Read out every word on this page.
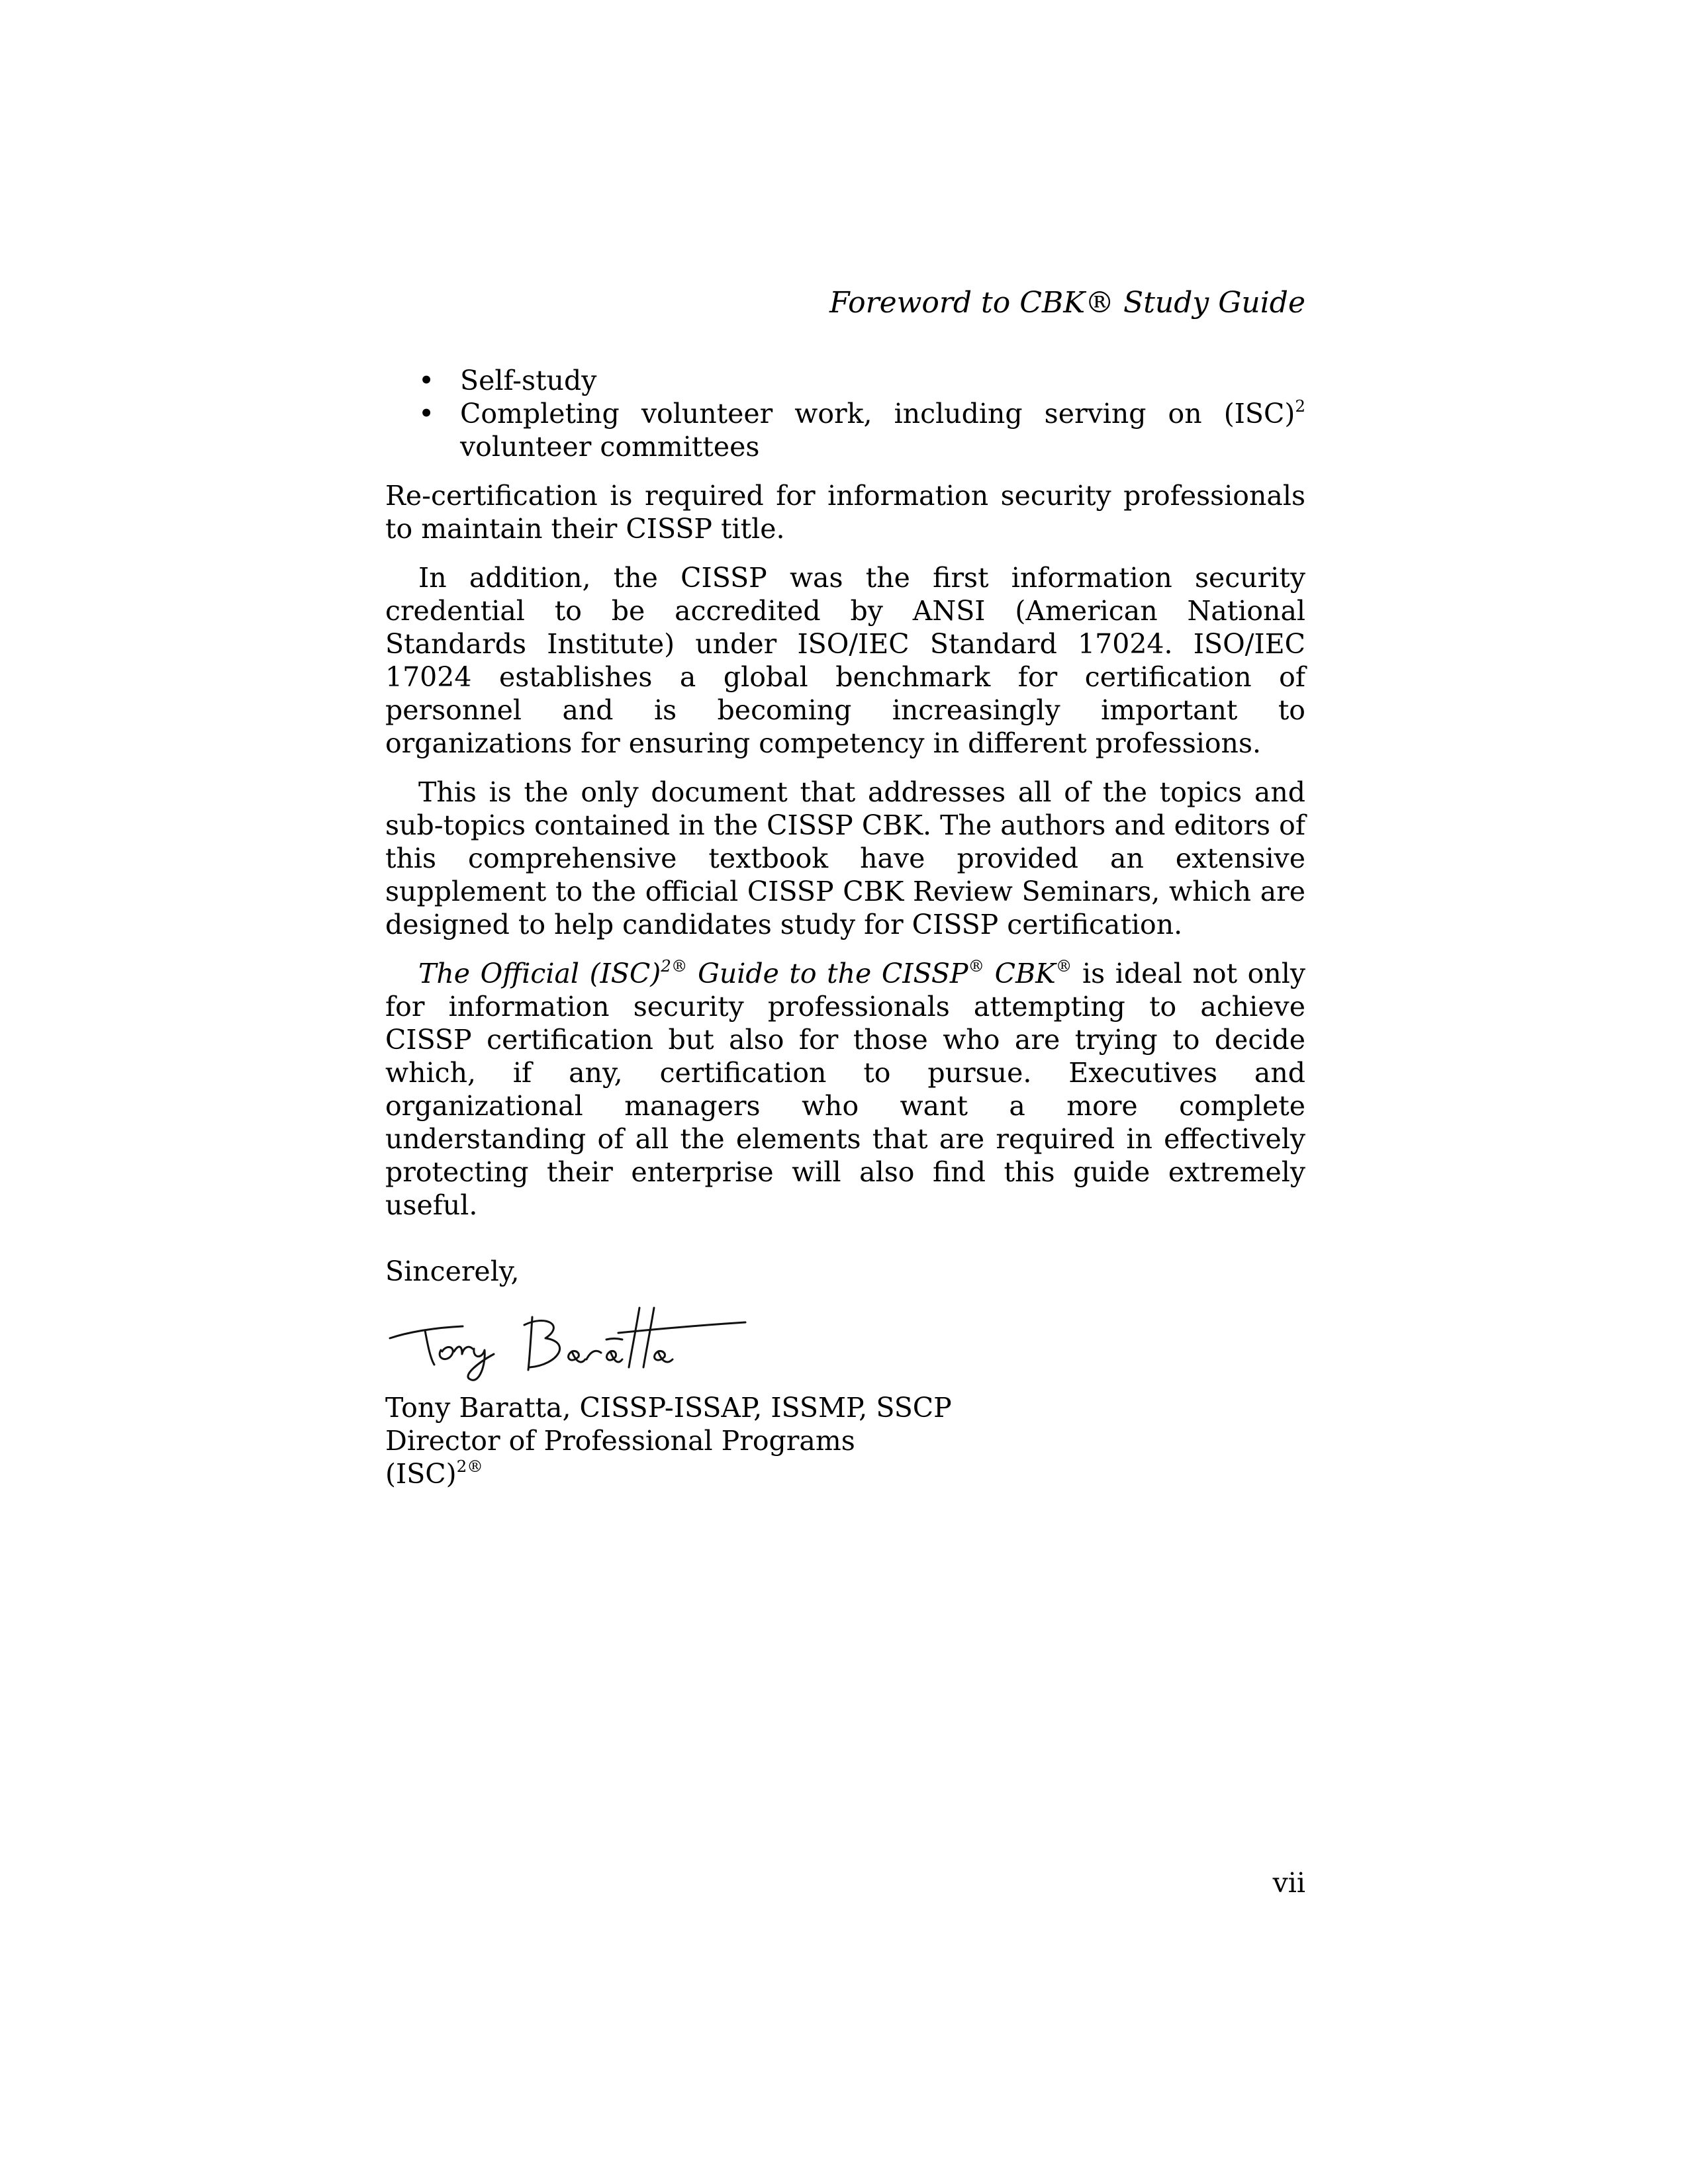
Foreword to CBK® Study Guide
• Self-study
• Completing volunteer work, including serving on (ISC)$^2$ volunteer committees

Re-certification is required for information security professionals to maintain their CISSP title.

In addition, the CISSP was the first information security credential to be accredited by ANSI (American National Standards Institute) under ISO/IEC Standard 17024. ISO/IEC 17024 establishes a global benchmark for certification of personnel and is becoming increasingly important to organizations for ensuring competency in different professions.

This is the only document that addresses all of the topics and sub-topics contained in the CISSP CBK. The authors and editors of this comprehensive textbook have provided an extensive supplement to the official CISSP CBK Review Seminars, which are designed to help candidates study for CISSP certification.

The Official (ISC)$^{2®}$ Guide to the CISSP® CBK® is ideal not only for information security professionals attempting to achieve CISSP certification but also for those who are trying to decide which, if any, certification to pursue. Executives and organizational managers who want a more complete understanding of all the elements that are required in effectively protecting their enterprise will also find this guide extremely useful.

Sincerely,

Tony Baratta, CISSP-ISSAP, ISSMP, SSCP

Director of Professional Programs

(ISC)$^{2®}$

vii
